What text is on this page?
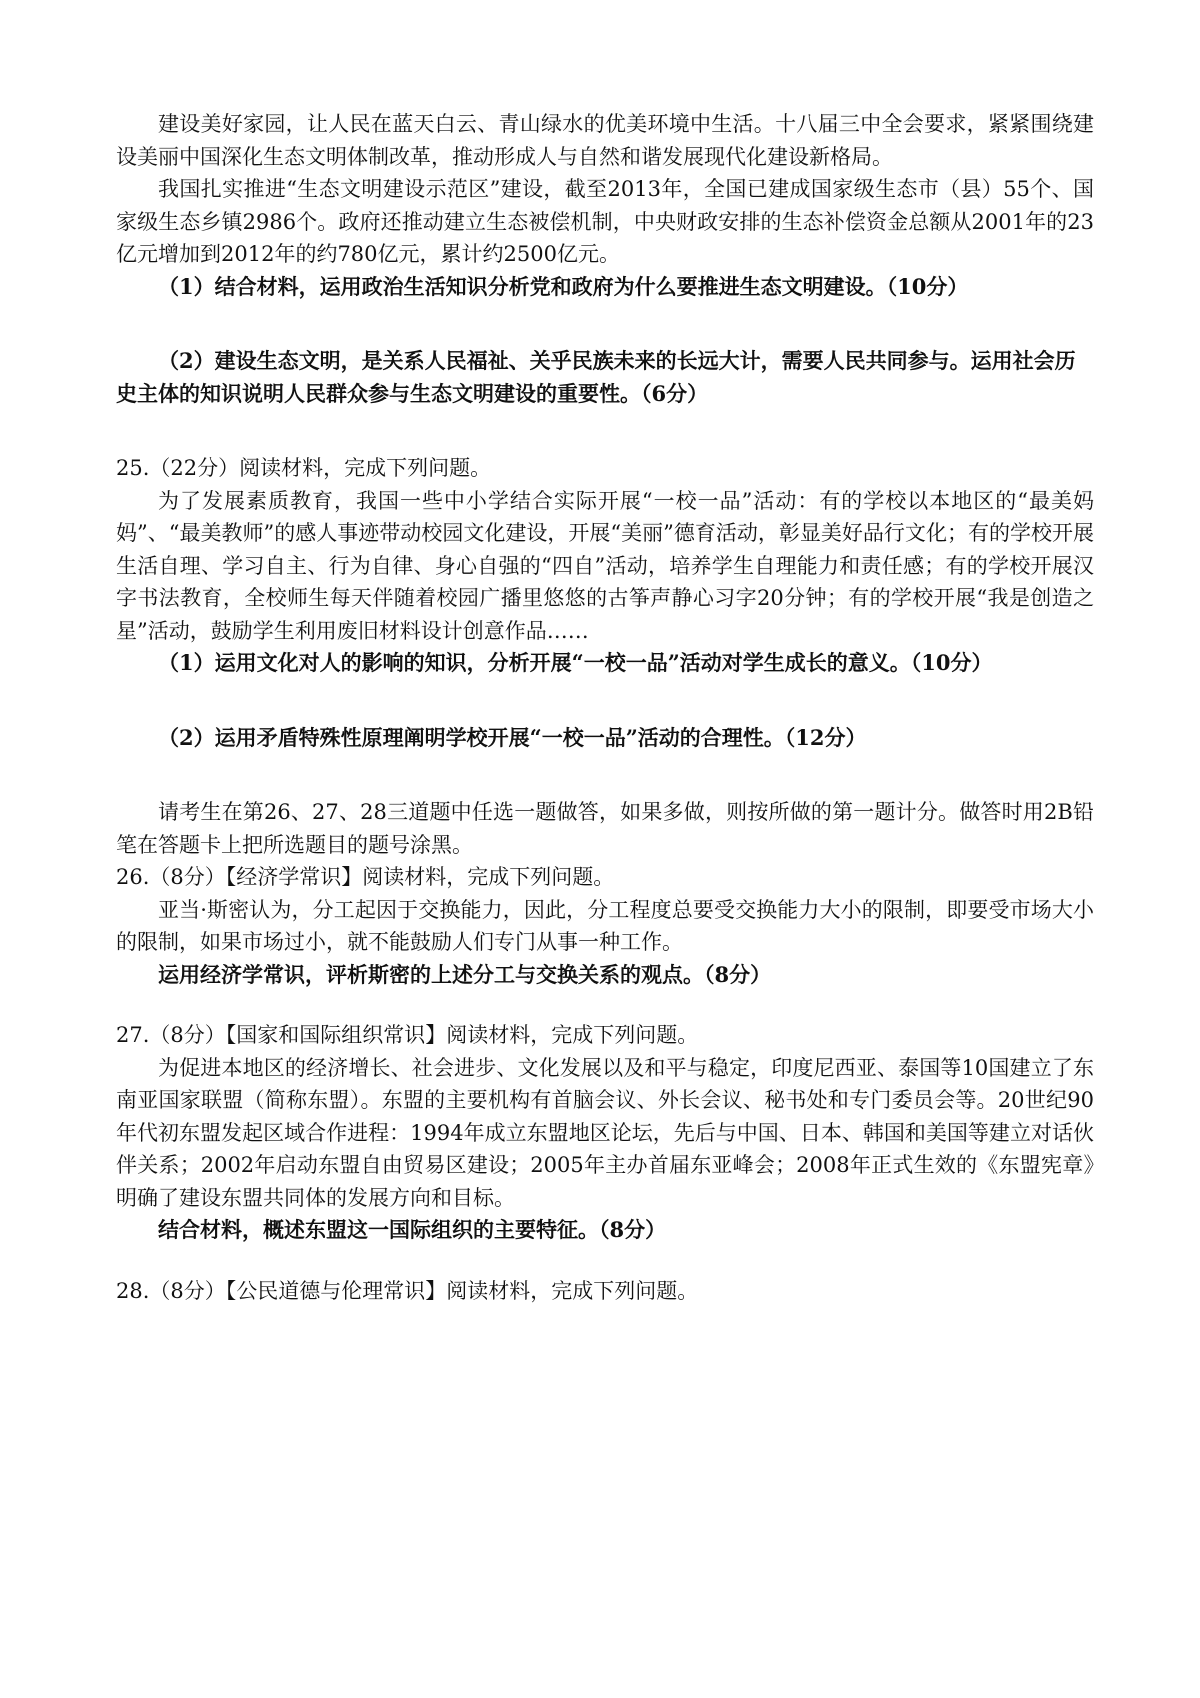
建设美好家园，让人民在蓝天白云、青山绿水的优美环境中生活。十八届三中全会要求，紧紧围绕建设美丽中国深化生态文明体制改革，推动形成人与自然和谐发展现代化建设新格局。

我国扎实推进“生态文明建设示范区”建设，截至2013年，全国已建成国家级生态市（县）55个、国家级生态乡镇2986个。政府还推动建立生态被偿机制，中央财政安排的生态补偿资金总额从2001年的23亿元增加到2012年的约780亿元，累计约2500亿元。

（1）结合材料，运用政治生活知识分析党和政府为什么要推进生态文明建设。（10分）

（2）建设生态文明，是关系人民福祉、关乎民族未来的长远大计，需要人民共同参与。运用社会历史主体的知识说明人民群众参与生态文明建设的重要性。（6分）

25.（22分）阅读材料，完成下列问题。

为了发展素质教育，我国一些中小学结合实际开展“一校一品”活动：有的学校以本地区的“最美妈妈”、“最美教师”的感人事迹带动校园文化建设，开展“美丽”德育活动，彰显美好品行文化；有的学校开展生活自理、学习自主、行为自律、身心自强的“四自”活动，培养学生自理能力和责任感；有的学校开展汉字书法教育，全校师生每天伴随着校园广播里悠悠的古筝声静心习字20分钟；有的学校开展“我是创造之星”活动，鼓励学生利用废旧材料设计创意作品……

（1）运用文化对人的影响的知识，分析开展“一校一品”活动对学生成长的意义。（10分）

（2）运用矛盾特殊性原理阐明学校开展“一校一品”活动的合理性。（12分）

请考生在第26、27、28三道题中任选一题做答，如果多做，则按所做的第一题计分。做答时用2B铅笔在答题卡上把所选题目的题号涂黑。

26.（8分）【经济学常识】阅读材料，完成下列问题。

亚当·斯密认为，分工起因于交换能力，因此，分工程度总要受交换能力大小的限制，即要受市场大小的限制，如果市场过小，就不能鼓励人们专门从事一种工作。

运用经济学常识，评析斯密的上述分工与交换关系的观点。（8分）

27.（8分）【国家和国际组织常识】阅读材料，完成下列问题。

为促进本地区的经济增长、社会进步、文化发展以及和平与稳定，印度尼西亚、泰国等10国建立了东南亚国家联盟（简称东盟）。东盟的主要机构有首脑会议、外长会议、秘书处和专门委员会等。20世纪90年代初东盟发起区域合作进程：1994年成立东盟地区论坛，先后与中国、日本、韩国和美国等建立对话伙伴关系；2002年启动东盟自由贸易区建设；2005年主办首届东亚峰会；2008年正式生效的《东盟宪章》明确了建设东盟共同体的发展方向和目标。

结合材料，概述东盟这一国际组织的主要特征。（8分）

28.（8分）【公民道德与伦理常识】阅读材料，完成下列问题。
